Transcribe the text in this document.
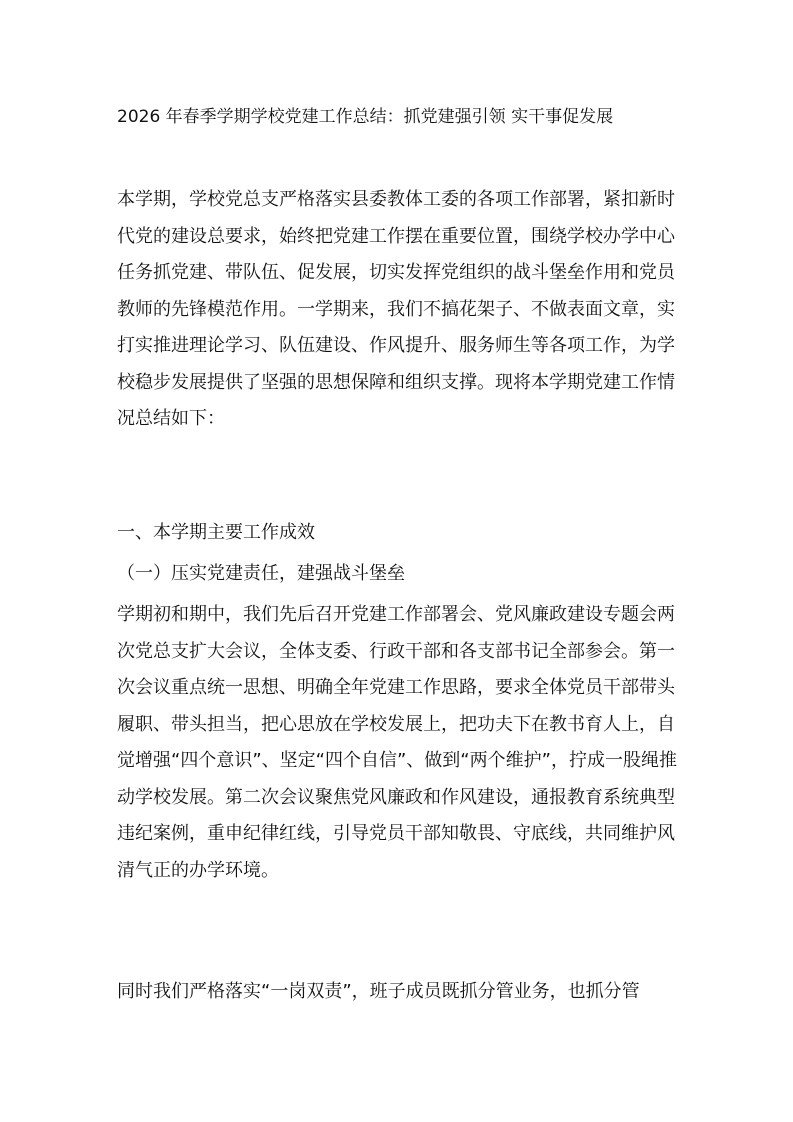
2026 年春季学期学校党建工作总结：抓党建强引领 实干事促发展

本学期，学校党总支严格落实县委教体工委的各项工作部署，紧扣新时代党的建设总要求，始终把党建工作摆在重要位置，围绕学校办学中心任务抓党建、带队伍、促发展，切实发挥党组织的战斗堡垒作用和党员教师的先锋模范作用。一学期来，我们不搞花架子、不做表面文章，实打实推进理论学习、队伍建设、作风提升、服务师生等各项工作，为学校稳步发展提供了坚强的思想保障和组织支撑。现将本学期党建工作情况总结如下：

一、本学期主要工作成效
（一）压实党建责任，建强战斗堡垒

学期初和期中，我们先后召开党建工作部署会、党风廉政建设专题会两次党总支扩大会议，全体支委、行政干部和各支部书记全部参会。第一次会议重点统一思想、明确全年党建工作思路，要求全体党员干部带头履职、带头担当，把心思放在学校发展上，把功夫下在教书育人上，自觉增强“四个意识”、坚定“四个自信”、做到“两个维护”，拧成一股绳推动学校发展。第二次会议聚焦党风廉政和作风建设，通报教育系统典型违纪案例，重申纪律红线，引导党员干部知敬畏、守底线，共同维护风清气正的办学环境。

同时我们严格落实“一岗双责”，班子成员既抓分管业务，也抓分管
